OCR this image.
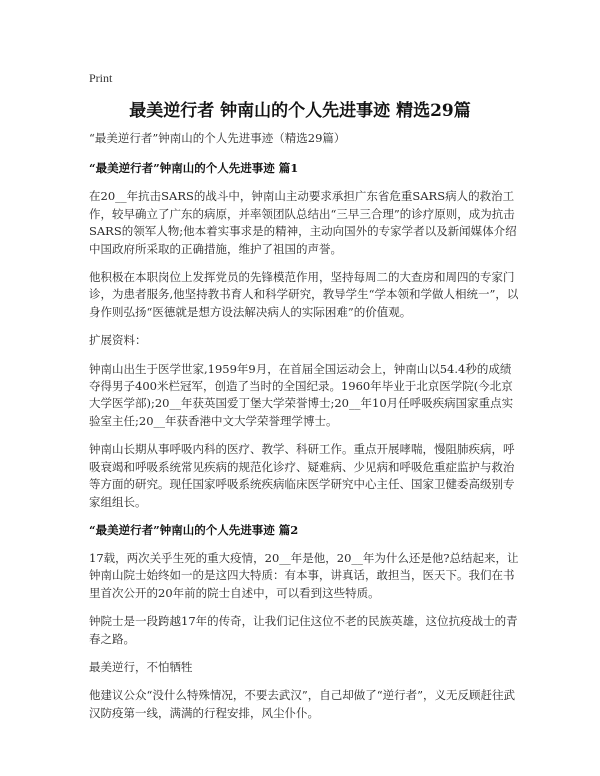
Print
最美逆行者 钟南山的个人先进事迹 精选29篇
“最美逆行者”钟南山的个人先进事迹（精选29篇）
“最美逆行者”钟南山的个人先进事迹 篇1
在20__年抗击SARS的战斗中，钟南山主动要求承担广东省危重SARS病人的救治工作，较早确立了广东的病原，并率领团队总结出“三早三合理”的诊疗原则，成为抗击SARS的领军人物;他本着实事求是的精神，主动向国外的专家学者以及新闻媒体介绍中国政府所采取的正确措施，维护了祖国的声誉。
他积极在本职岗位上发挥党员的先锋模范作用，坚持每周二的大查房和周四的专家门诊，为患者服务,他坚持教书育人和科学研究，教导学生“学本领和学做人相统一”，以身作则弘扬“医德就是想方设法解决病人的实际困难”的价值观。
扩展资料：
钟南山出生于医学世家,1959年9月，在首届全国运动会上，钟南山以54.4秒的成绩夺得男子400米栏冠军，创造了当时的全国纪录。1960年毕业于北京医学院(今北京大学医学部);20__年获英国爱丁堡大学荣誉博士;20__年10月任呼吸疾病国家重点实验室主任;20__年获香港中文大学荣誉理学博士。
钟南山长期从事呼吸内科的医疗、教学、科研工作。重点开展哮喘，慢阻肺疾病，呼吸衰竭和呼吸系统常见疾病的规范化诊疗、疑难病、少见病和呼吸危重症监护与救治等方面的研究。现任国家呼吸系统疾病临床医学研究中心主任、国家卫健委高级别专家组组长。
“最美逆行者”钟南山的个人先进事迹 篇2
17载，两次关乎生死的重大疫情，20__年是他，20__年为什么还是他?总结起来，让钟南山院士始终如一的是这四大特质：有本事，讲真话，敢担当，医天下。我们在书里首次公开的20年前的院士自述中，可以看到这些特质。
钟院士是一段跨越17年的传奇，让我们记住这位不老的民族英雄，这位抗疫战士的青春之路。
最美逆行，不怕牺牲
他建议公众“没什么特殊情况，不要去武汉”，自己却做了“逆行者”，义无反顾赶往武汉防疫第一线，满满的行程安排，风尘仆仆。
